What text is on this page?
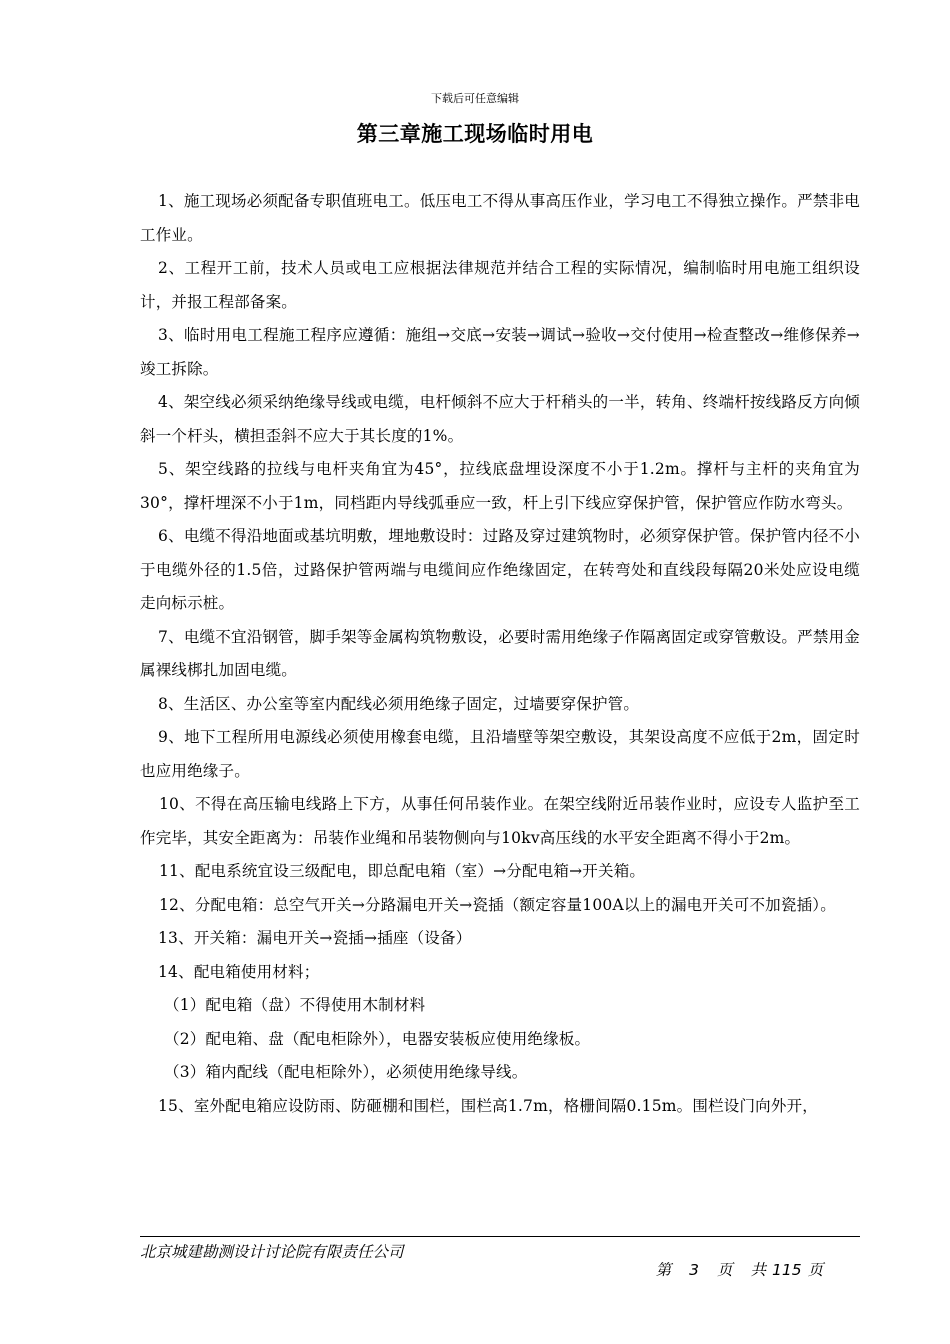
下载后可任意编辑
第三章施工现场临时用电

1、施工现场必须配备专职值班电工。低压电工不得从事高压作业，学习电工不得独立操作。严禁非电工作业。

2、工程开工前，技术人员或电工应根据法律规范并结合工程的实际情况，编制临时用电施工组织设计，并报工程部备案。

3、临时用电工程施工程序应遵循：施组→交底→安装→调试→验收→交付使用→检查整改→维修保养→竣工拆除。

4、架空线必须采纳绝缘导线或电缆，电杆倾斜不应大于杆稍头的一半，转角、终端杆按线路反方向倾斜一个杆头，横担歪斜不应大于其长度的1%。

5、架空线路的拉线与电杆夹角宜为45°，拉线底盘埋设深度不小于1.2m。撑杆与主杆的夹角宜为30°，撑杆埋深不小于1m，同档距内导线弧垂应一致，杆上引下线应穿保护管，保护管应作防水弯头。

6、电缆不得沿地面或基坑明敷，埋地敷设时：过路及穿过建筑物时，必须穿保护管。保护管内径不小于电缆外径的1.5倍，过路保护管两端与电缆间应作绝缘固定，在转弯处和直线段每隔20米处应设电缆走向标示桩。

7、电缆不宜沿钢管，脚手架等金属构筑物敷设，必要时需用绝缘子作隔离固定或穿管敷设。严禁用金属裸线梆扎加固电缆。

8、生活区、办公室等室内配线必须用绝缘子固定，过墙要穿保护管。

9、地下工程所用电源线必须使用橡套电缆，且沿墙壁等架空敷设，其架设高度不应低于2m，固定时也应用绝缘子。

10、不得在高压输电线路上下方，从事任何吊装作业。在架空线附近吊装作业时，应设专人监护至工作完毕，其安全距离为：吊装作业绳和吊装物侧向与10kv高压线的水平安全距离不得小于2m。

11、配电系统宜设三级配电，即总配电箱（室）→分配电箱→开关箱。

12、分配电箱：总空气开关→分路漏电开关→瓷插（额定容量100A以上的漏电开关可不加瓷插）。

13、开关箱：漏电开关→瓷插→插座（设备）

14、配电箱使用材料；

（1）配电箱（盘）不得使用木制材料

（2）配电箱、盘（配电柜除外），电器安装板应使用绝缘板。

（3）箱内配线（配电柜除外），必须使用绝缘导线。

15、室外配电箱应设防雨、防砸棚和围栏，围栏高1.7m，格栅间隔0.15m。围栏设门向外开，

北京城建勘测设计讨论院有限责任公司

第 3 页 共 115 页
